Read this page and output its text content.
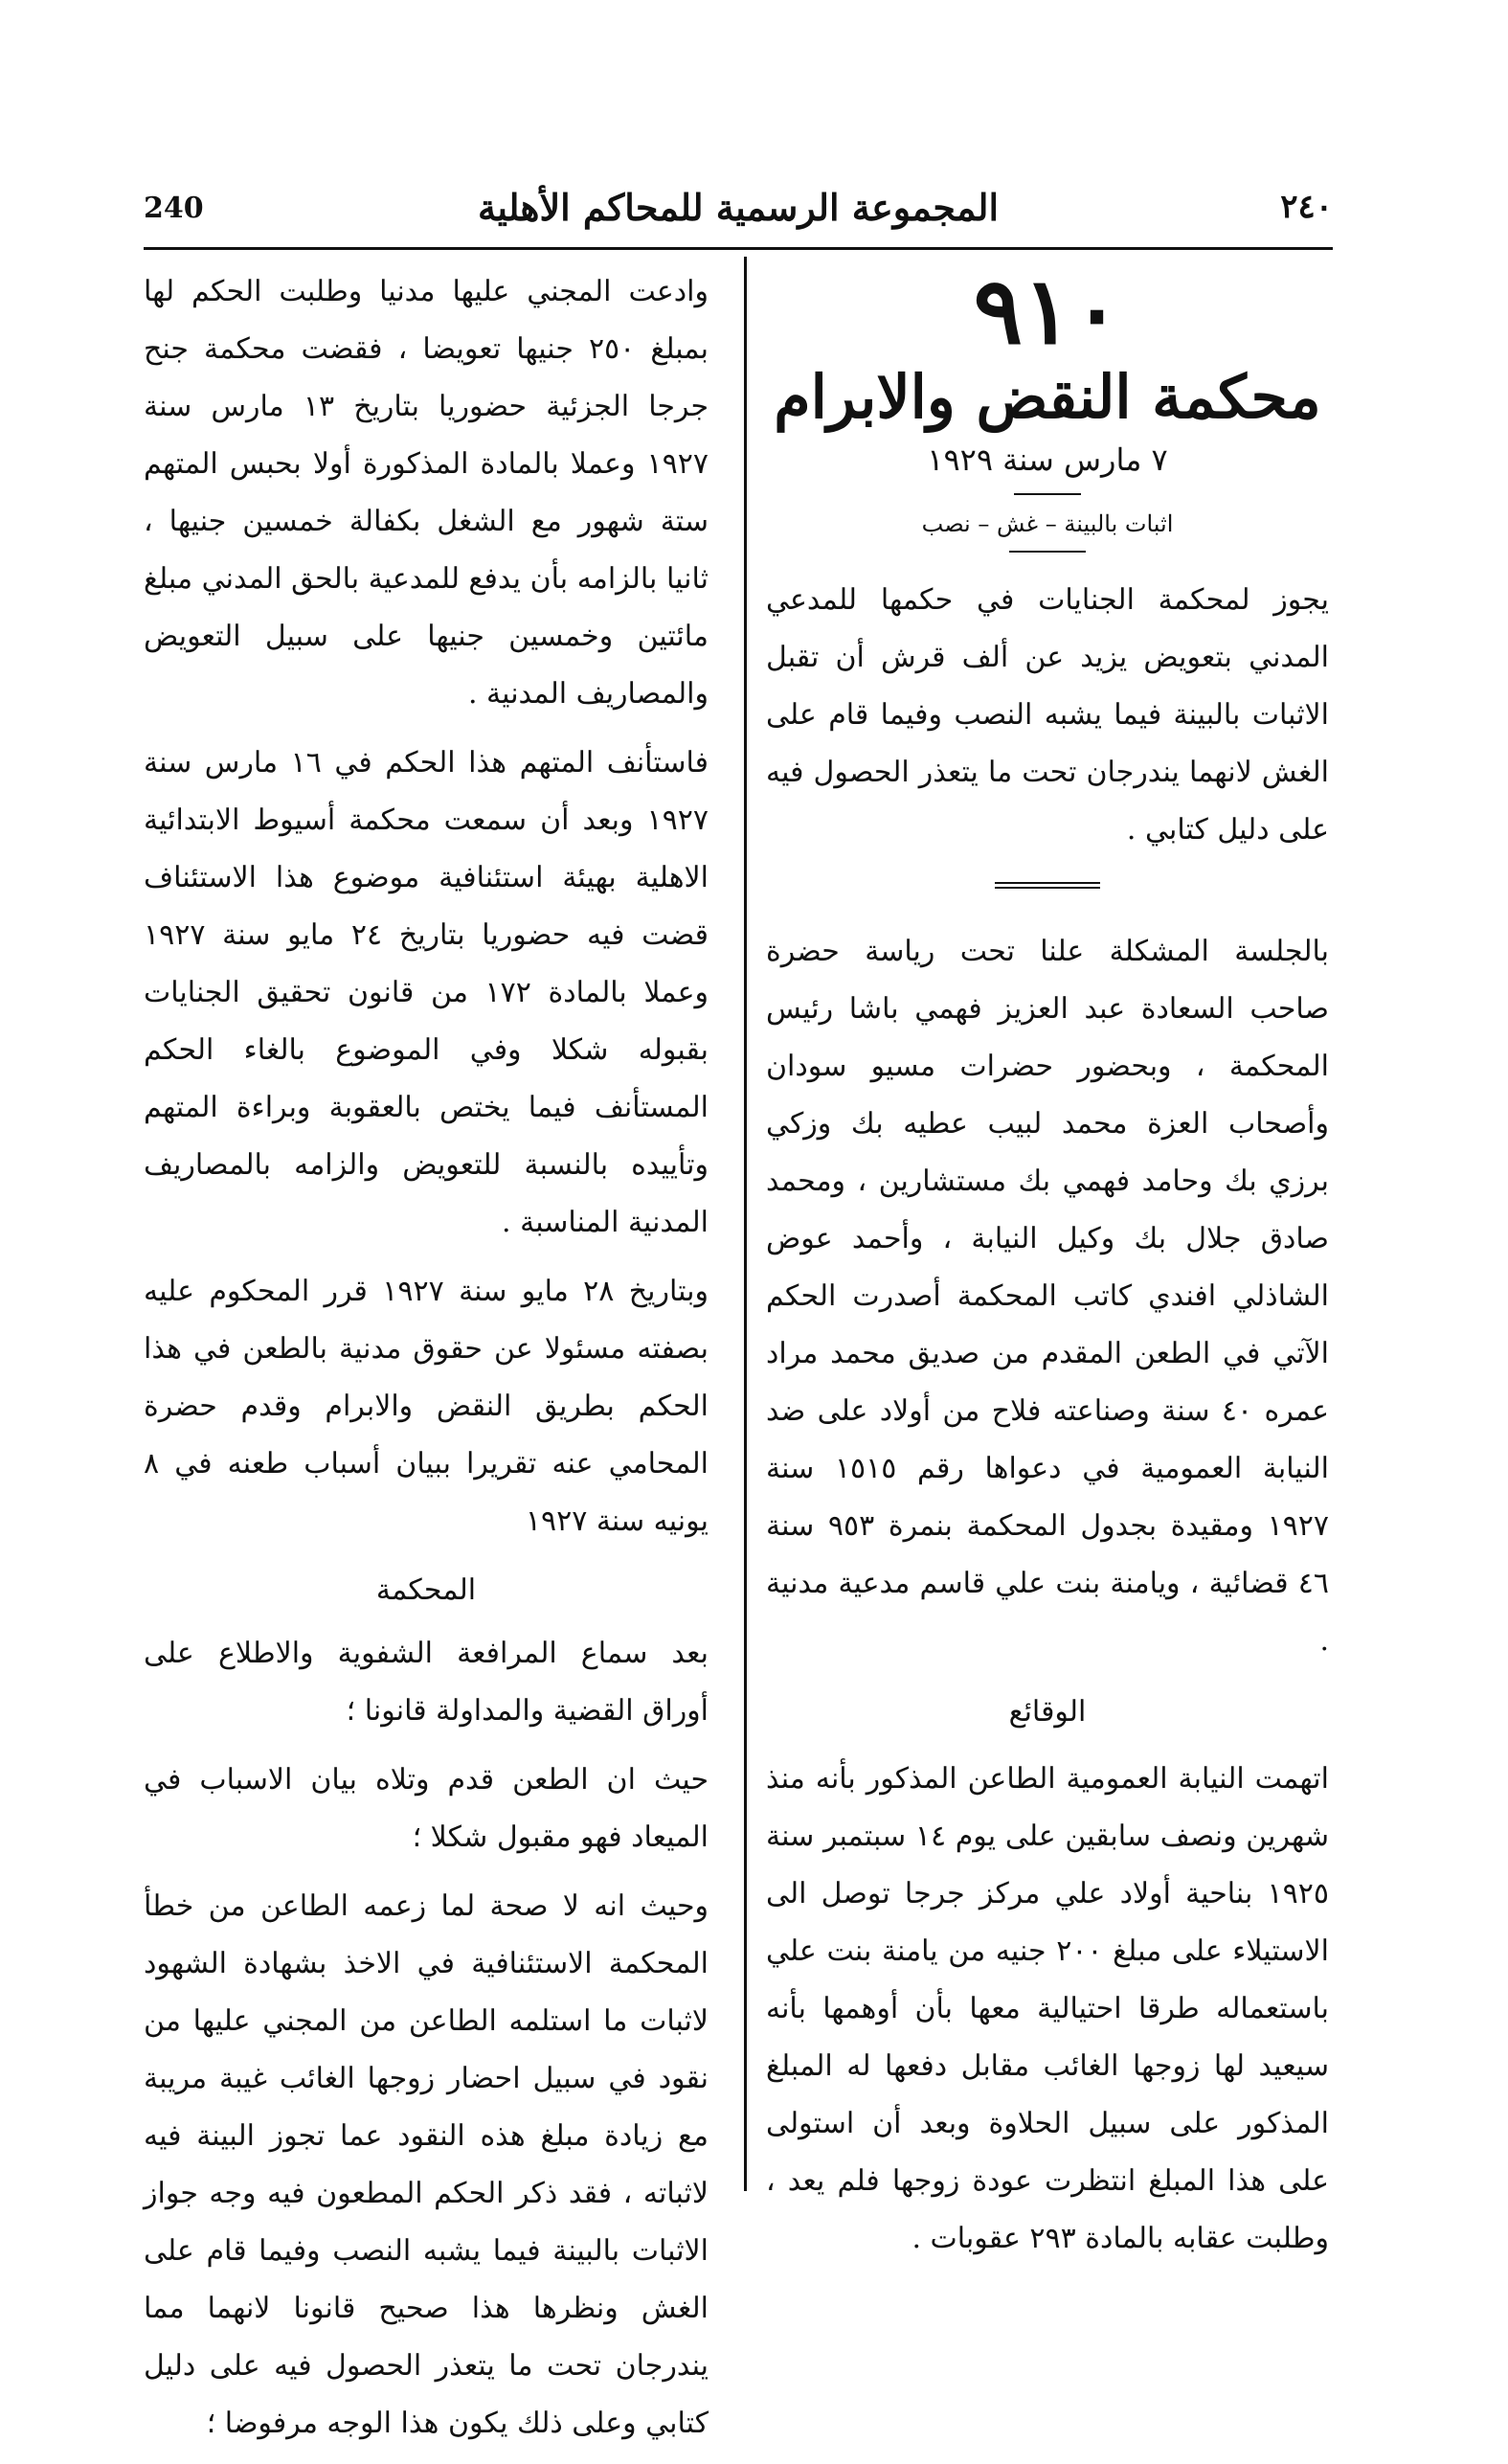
240	المجموعة الرسمية للمحاكم الأهلية	٢٤٠
٩١٠
محكمة النقض والابرام
٧ مارس سنة ١٩٢٩
اثبات بالبينة – غش – نصب

يجوز لمحكمة الجنايات في حكمها للمدعي المدني بتعويض يزيد عن ألف قرش أن تقبل الاثبات بالبينة فيما يشبه النصب وفيما قام على الغش لانهما يندرجان تحت ما يتعذر الحصول فيه على دليل كتابي .

بالجلسة المشكلة علنا تحت رياسة حضرة صاحب السعادة عبد العزيز فهمي باشا رئيس المحكمة ، وبحضور حضرات مسيو سودان وأصحاب العزة محمد لبيب عطيه بك وزكي برزي بك وحامد فهمي بك مستشارين ، ومحمد صادق جلال بك وكيل النيابة ، وأحمد عوض الشاذلي افندي كاتب المحكمة أصدرت الحكم الآتي في الطعن المقدم من صديق محمد مراد عمره ٤٠ سنة وصناعته فلاح من أولاد على ضد النيابة العمومية في دعواها رقم ١٥١٥ سنة ١٩٢٧ ومقيدة بجدول المحكمة بنمرة ٩٥٣ سنة ٤٦ قضائية ، ويامنة بنت علي قاسم مدعية مدنية .

الوقائع

اتهمت النيابة العمومية الطاعن المذكور بأنه منذ شهرين ونصف سابقين على يوم ١٤ سبتمبر سنة ١٩٢٥ بناحية أولاد علي مركز جرجا توصل الى الاستيلاء على مبلغ ٢٠٠ جنيه من يامنة بنت علي باستعماله طرقا احتيالية معها بأن أوهمها بأنه سيعيد لها زوجها الغائب مقابل دفعها له المبلغ المذكور على سبيل الحلاوة وبعد أن استولى على هذا المبلغ انتظرت عودة زوجها فلم يعد ، وطلبت عقابه بالمادة ٢٩٣ عقوبات .

وادعت المجني عليها مدنيا وطلبت الحكم لها بمبلغ ٢٥٠ جنيها تعويضا ، فقضت محكمة جنح جرجا الجزئية حضوريا بتاريخ ١٣ مارس سنة ١٩٢٧ وعملا بالمادة المذكورة أولا بحبس المتهم ستة شهور مع الشغل بكفالة خمسين جنيها ، ثانيا بالزامه بأن يدفع للمدعية بالحق المدني مبلغ مائتين وخمسين جنيها على سبيل التعويض والمصاريف المدنية .

فاستأنف المتهم هذا الحكم في ١٦ مارس سنة ١٩٢٧ وبعد أن سمعت محكمة أسيوط الابتدائية الاهلية بهيئة استئنافية موضوع هذا الاستئناف قضت فيه حضوريا بتاريخ ٢٤ مايو سنة ١٩٢٧ وعملا بالمادة ١٧٢ من قانون تحقيق الجنايات بقبوله شكلا وفي الموضوع بالغاء الحكم المستأنف فيما يختص بالعقوبة وبراءة المتهم وتأييده بالنسبة للتعويض والزامه بالمصاريف المدنية المناسبة .

وبتاريخ ٢٨ مايو سنة ١٩٢٧ قرر المحكوم عليه بصفته مسئولا عن حقوق مدنية بالطعن في هذا الحكم بطريق النقض والابرام وقدم حضرة المحامي عنه تقريرا ببيان أسباب طعنه في ٨ يونيه سنة ١٩٢٧

المحكمة

بعد سماع المرافعة الشفوية والاطلاع على أوراق القضية والمداولة قانونا ؛

حيث ان الطعن قدم وتلاه بيان الاسباب في الميعاد فهو مقبول شكلا ؛

وحيث انه لا صحة لما زعمه الطاعن من خطأ المحكمة الاستئنافية في الاخذ بشهادة الشهود لاثبات ما استلمه الطاعن من المجني عليها من نقود في سبيل احضار زوجها الغائب غيبة مريبة مع زيادة مبلغ هذه النقود عما تجوز البينة فيه لاثباته ، فقد ذكر الحكم المطعون فيه وجه جواز الاثبات بالبينة فيما يشبه النصب وفيما قام على الغش ونظرها هذا صحيح قانونا لانهما مما يندرجان تحت ما يتعذر الحصول فيه على دليل كتابي وعلى ذلك يكون هذا الوجه مرفوضا ؛
